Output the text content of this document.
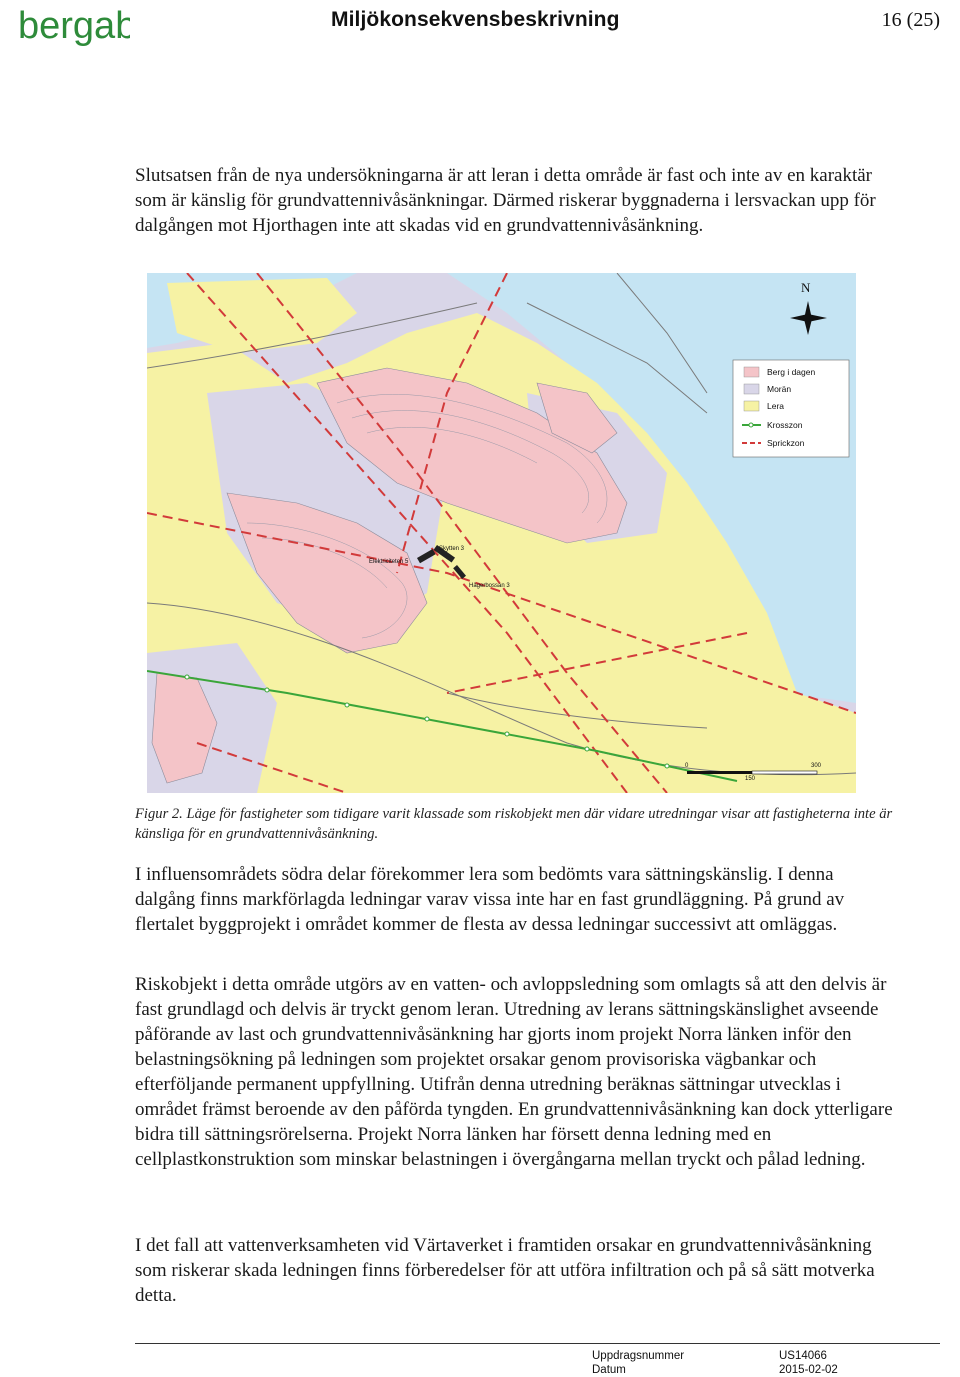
bergab	Miljökonsekvensbeskrivning	16 (25)

Slutsatsen från de nya undersökningarna är att leran i detta område är fast och inte av en karaktär som är känslig för grundvattennivåsänkningar. Därmed riskerar byggnaderna i lersvackan upp för dalgången mot Hjorthagen inte att skadas vid en grundvattennivåsänkning.

Skytten 3
Elektriciteten 5
Hägerbossan 3
N
Berg i dagen
Morän
Lera
Krosszon
Sprickzon
0
150
300

Figur 2. Läge för fastigheter som tidigare varit klassade som riskobjekt men där vidare utredningar visar att fastigheterna inte är känsliga för en grundvattennivåsänkning.

I influensområdets södra delar förekommer lera som bedömts vara sättningskänslig. I denna dalgång finns markförlagda ledningar varav vissa inte har en fast grundläggning. På grund av flertalet byggprojekt i området kommer de flesta av dessa ledningar successivt att omläggas.

Riskobjekt i detta område utgörs av en vatten- och avloppsledning som omlagts så att den delvis är fast grundlagd och delvis är tryckt genom leran. Utredning av lerans sättningskänslighet avseende påförande av last och grundvattennivåsänkning har gjorts inom projekt Norra länken inför den belastningsökning på ledningen som projektet orsakar genom provisoriska vägbankar och efterföljande permanent uppfyllning. Utifrån denna utredning beräknas sättningar utvecklas i området främst beroende av den påförda tyngden. En grundvattennivåsänkning kan dock ytterligare bidra till sättningsrörelserna. Projekt Norra länken har försett denna ledning med en cellplastkonstruktion som minskar belastningen i övergångarna mellan tryckt och pålad ledning.

I det fall att vattenverksamheten vid Värtaverket i framtiden orsakar en grundvattennivåsänkning som riskerar skada ledningen finns förberedelser för att utföra infiltration och på så sätt motverka detta.

Uppdragsnummer
Datum
US14066
2015-02-02
